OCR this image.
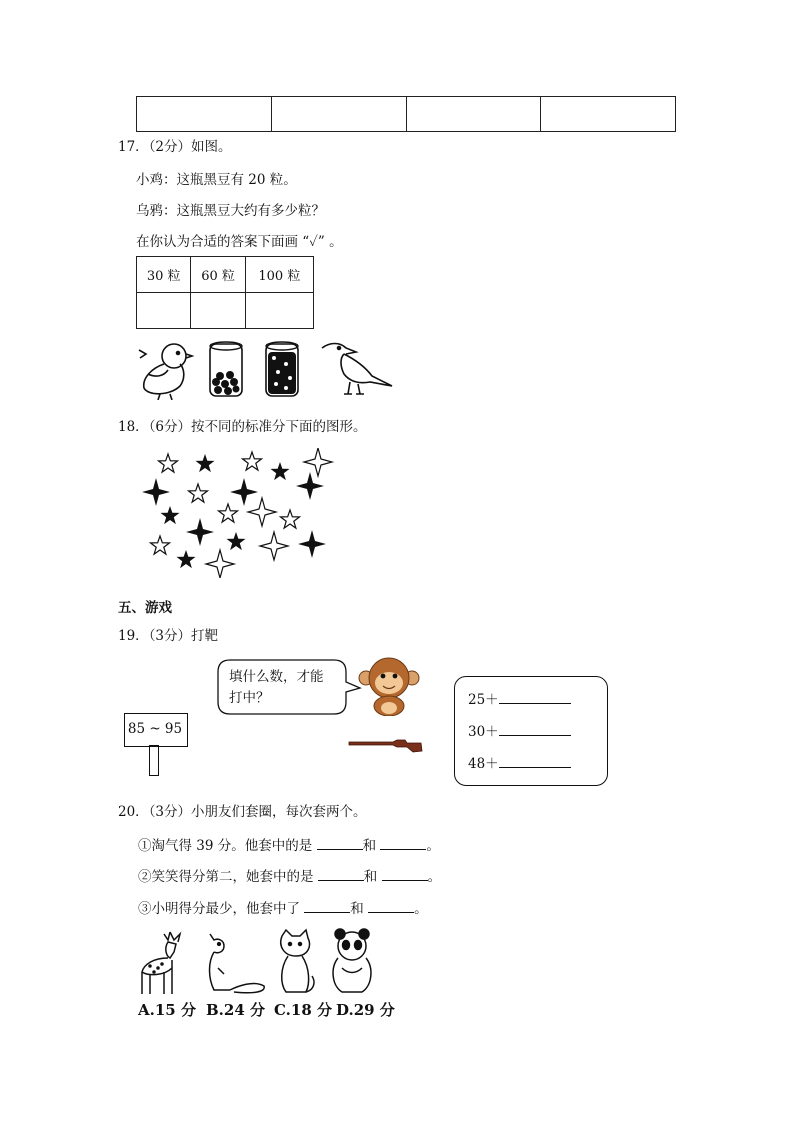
17．（2分）如图。
小鸡：这瓶黑豆有 20 粒。
乌鸦：这瓶黑豆大约有多少粒？
在你认为合适的答案下面画 “✓” 。
30 粒	60 粒	100 粒

18．（6分）按不同的标准分下面的图形。
五、游戏
19．（3分）打靶
填什么数，才能
打中？
85 ~ 95
25＋
30＋
48＋
20．（3分）小朋友们套圈，每次套两个。
①淘气得 39 分。他套中的是	和	。
②笑笑得分第二，她套中的是	和	。
③小明得分最少，他套中了	和	。
A.15 分 B.24 分 C.18 分 D.29 分
